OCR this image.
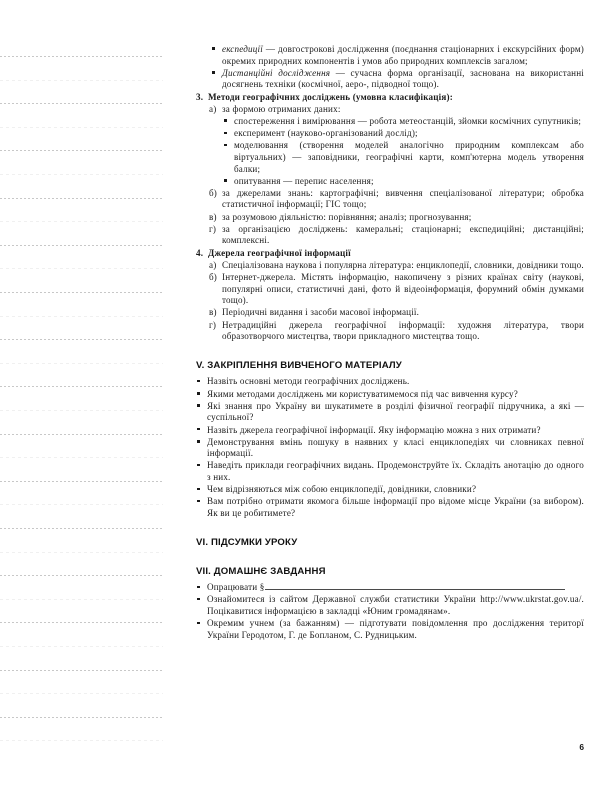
експедиції — довгострокові дослідження (поєднання стаціонарних і екскурсійних форм) окремих природних компонентів і умов або природних комплексів загалом;
Дистанційні дослідження — сучасна форма організації, заснована на використанні досягнень техніки (космічної, аеро-, підводної тощо).
3. Методи географічних досліджень (умовна класифікація):
а) за формою отриманих даних:
спостереження і вимірювання — робота метеостанцій, зйомки космічних супутників;
експеримент (науково-організований дослід);
моделювання (створення моделей аналогічно природним комплексам або віртуальних) — заповідники, географічні карти, комп'ютерна модель утворення балки;
опитування — перепис населення;
б) за джерелами знань: картографічні; вивчення спеціалізованої літератури; обробка статистичної інформації; ГІС тощо;
в) за розумовою діяльністю: порівняння; аналіз; прогнозування;
г) за організацією досліджень: камеральні; стаціонарні; експедиційні; дистанційні; комплексні.
4. Джерела географічної інформації
а) Спеціалізована наукова і популярна література: енциклопедії, словники, довідники тощо.
б) Інтернет-джерела. Містять інформацію, накопичену з різних країнах світу (наукові, популярні описи, статистичні дані, фото й відеоінформація, форумний обмін думками тощо).
в) Періодичні видання і засоби масової інформації.
г) Нетрадиційні джерела географічної інформації: художня література, твори образотворчого мистецтва, твори прикладного мистецтва тощо.
V. ЗАКРІПЛЕННЯ ВИВЧЕНОГО МАТЕРІАЛУ
Назвіть основні методи географічних досліджень.
Якими методами досліджень ми користуватимемося під час вивчення курсу?
Які знання про Україну ви шукатимете в розділі фізичної географії підручника, а які — суспільної?
Назвіть джерела географічної інформації. Яку інформацію можна з них отримати?
Демонстрування вмінь пошуку в наявних у класі енциклопедіях чи словниках певної інформації.
Наведіть приклади географічних видань. Продемонструйте їх. Складіть анотацію до одного з них.
Чем відрізняються між собою енциклопедії, довідники, словники?
Вам потрібно отримати якомога більше інформації про відоме місце України (за вибором). Як ви це робитимете?
VI. ПІДСУМКИ УРОКУ
VII. ДОМАШНЄ ЗАВДАННЯ
Опрацювати §
Ознайомитеся із сайтом Державної служби статистики України http://www.ukrstat.gov.ua/. Поцікавитися інформацією в закладці «Юним громадянам».
Окремим учнем (за бажанням) — підготувати повідомлення про дослідження територї України Геродотом, Г. де Бопланом, С. Рудницьким.
6
